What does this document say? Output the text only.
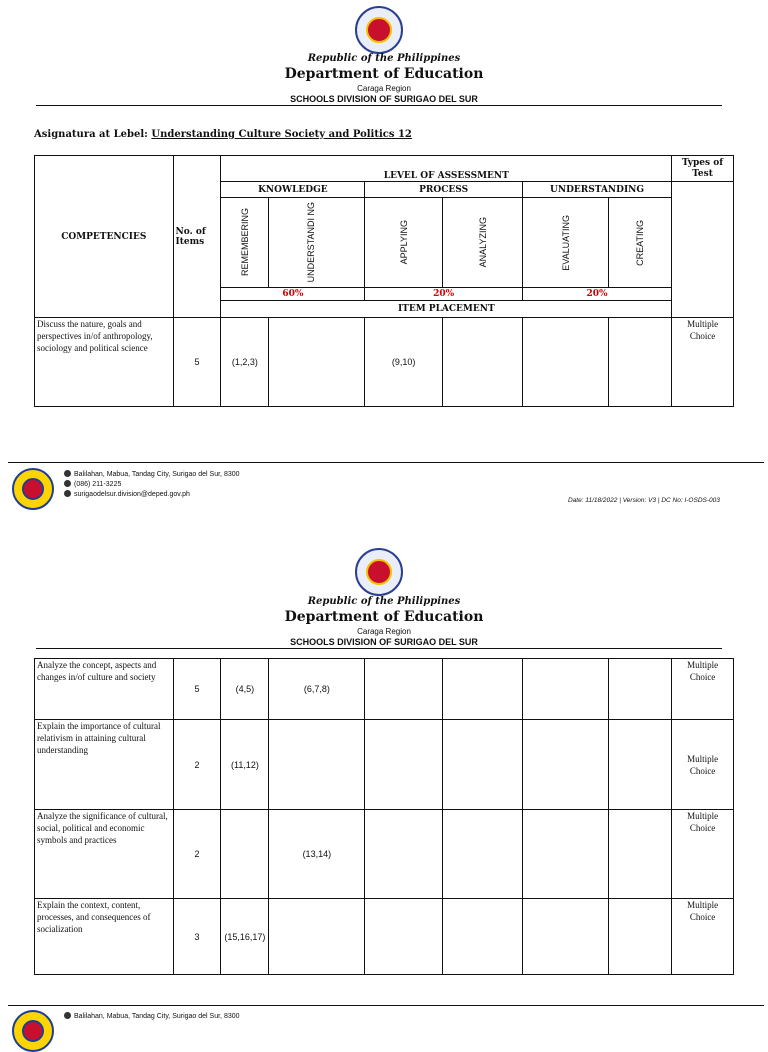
Republic of the Philippines
Department of Education
Caraga Region
SCHOOLS DIVISION OF SURIGAO DEL SUR
Asignatura at Lebel: Understanding Culture Society and Politics 12
COMPETENCIES	No. of Items	LEVEL OF ASSESSMENT						Types of Test
		KNOWLEDGE		PROCESS		UNDERSTANDING		

		REMEMBERING	UNDERSTANDI NG	APPLYING	ANALYZING	EVALUATING	CREATING	

		60%		20%		20%		
		ITEM PLACEMENT						
Discuss the nature, goals and perspectives in/of anthropology, sociology and political science	5	(1,2,3)		(9,10)				Multiple Choice
Balilahan, Mabua, Tandag City, Surigao del Sur, 8300
(086) 211-3225
surigaodelsur.division@deped.gov.ph
Date: 11/18/2022 | Version: V3 | DC No: I-OSDS-003
Republic of the Philippines
Department of Education
Caraga Region
SCHOOLS DIVISION OF SURIGAO DEL SUR
Analyze the concept, aspects and changes in/of culture and society	5	(4,5)	(6,7,8)					Multiple Choice
Explain the importance of cultural relativism in attaining cultural understanding	2	(11,12)						Multiple Choice
Analyze the significance of cultural, social, political and economic symbols and practices	2		(13,14)					Multiple Choice
Explain the context, content, processes, and consequences of socialization	3	(15,16,17)						Multiple Choice
Balilahan, Mabua, Tandag City, Surigao del Sur, 8300
